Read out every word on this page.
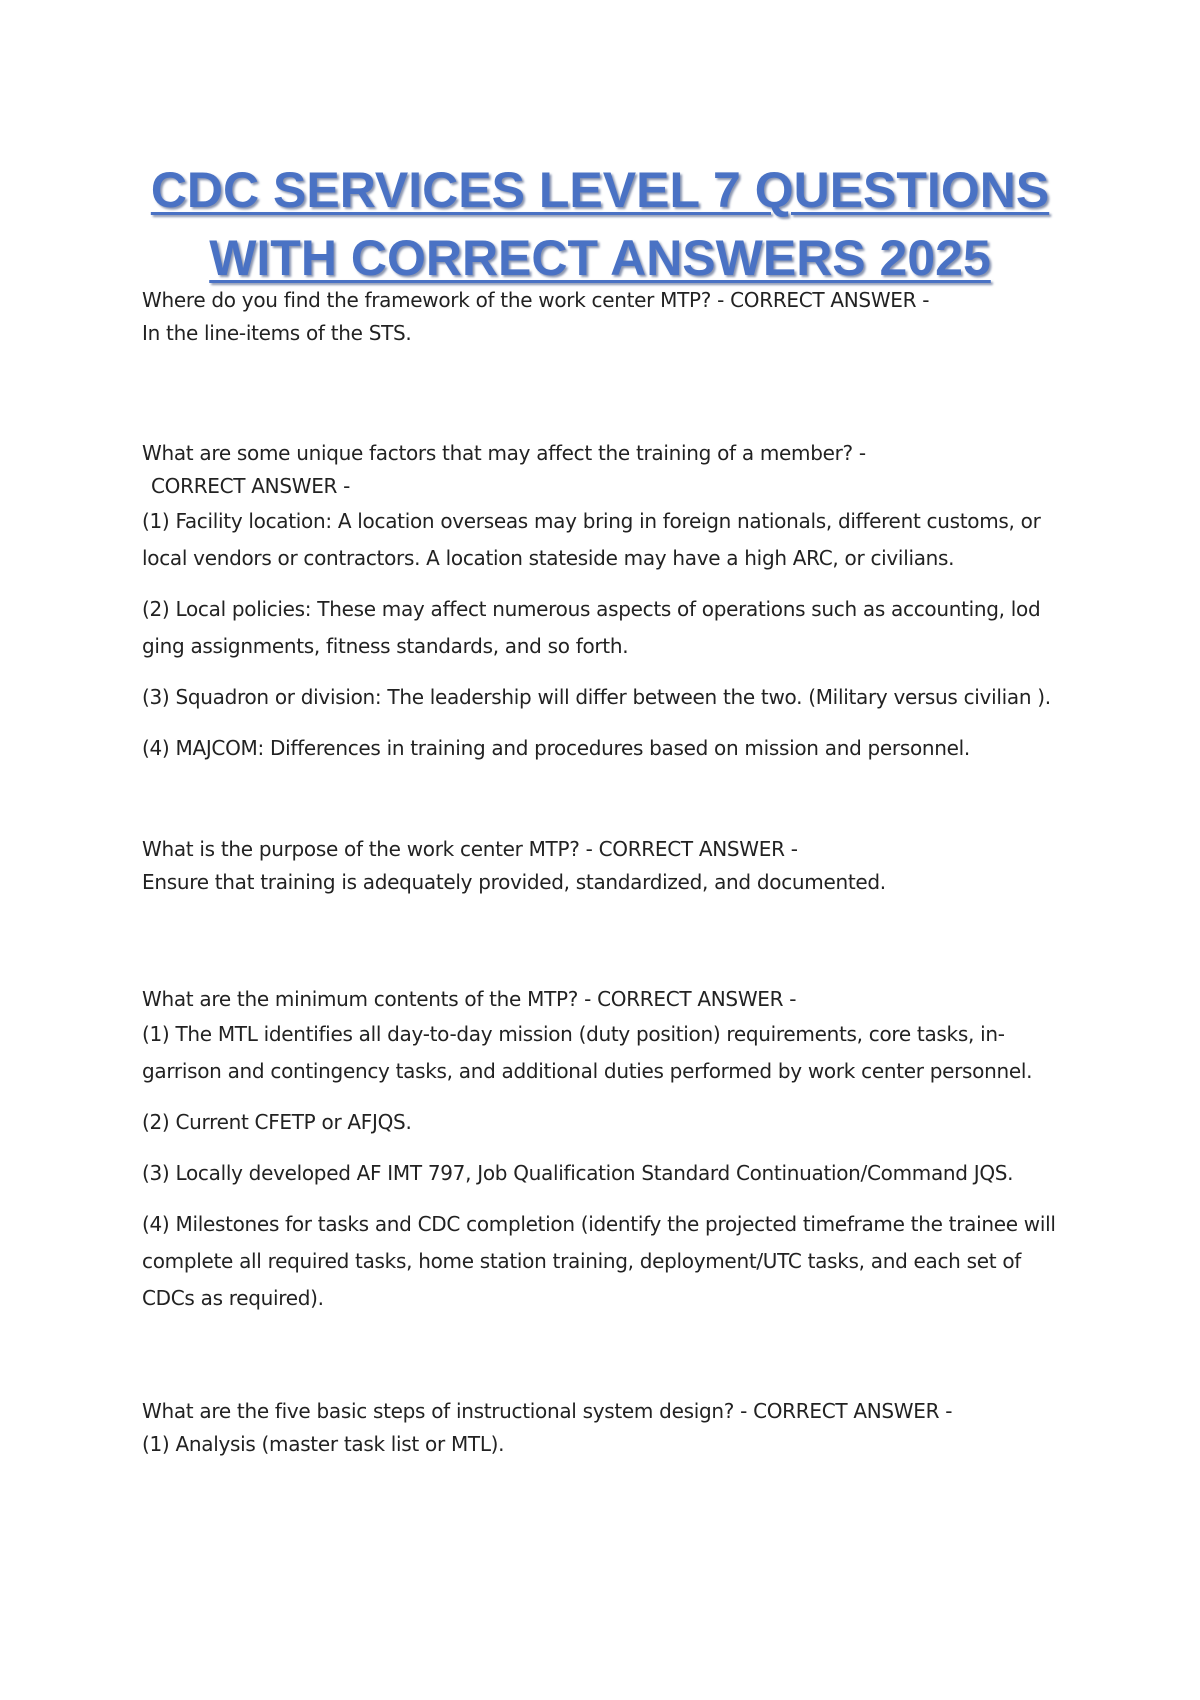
CDC SERVICES LEVEL 7 QUESTIONS
WITH CORRECT ANSWERS 2025

Where do you find the framework of the work center MTP? - CORRECT ANSWER -

In the line-items of the STS.

What are some unique factors that may affect the training of a member? -

CORRECT ANSWER -

(1) Facility location: A location overseas may bring in foreign nationals, different customs, or local vendors or contractors. A location stateside may have a high ARC, or civilians.

(2) Local policies: These may affect numerous aspects of operations such as accounting, lod ging assignments, fitness standards, and so forth.

(3) Squadron or division: The leadership will differ between the two. (Military versus civilian ).

(4) MAJCOM: Differences in training and procedures based on mission and personnel.

What is the purpose of the work center MTP? - CORRECT ANSWER -

Ensure that training is adequately provided, standardized, and documented.

What are the minimum contents of the MTP? - CORRECT ANSWER -

(1) The MTL identifies all day-to-day mission (duty position) requirements, core tasks, in-garrison and contingency tasks, and additional duties performed by work center personnel.

(2) Current CFETP or AFJQS.

(3) Locally developed AF IMT 797, Job Qualification Standard Continuation/Command JQS.

(4) Milestones for tasks and CDC completion (identify the projected timeframe the trainee will complete all required tasks, home station training, deployment/UTC tasks, and each set of CDCs as required).

What are the five basic steps of instructional system design? - CORRECT ANSWER -

(1) Analysis (master task list or MTL).
